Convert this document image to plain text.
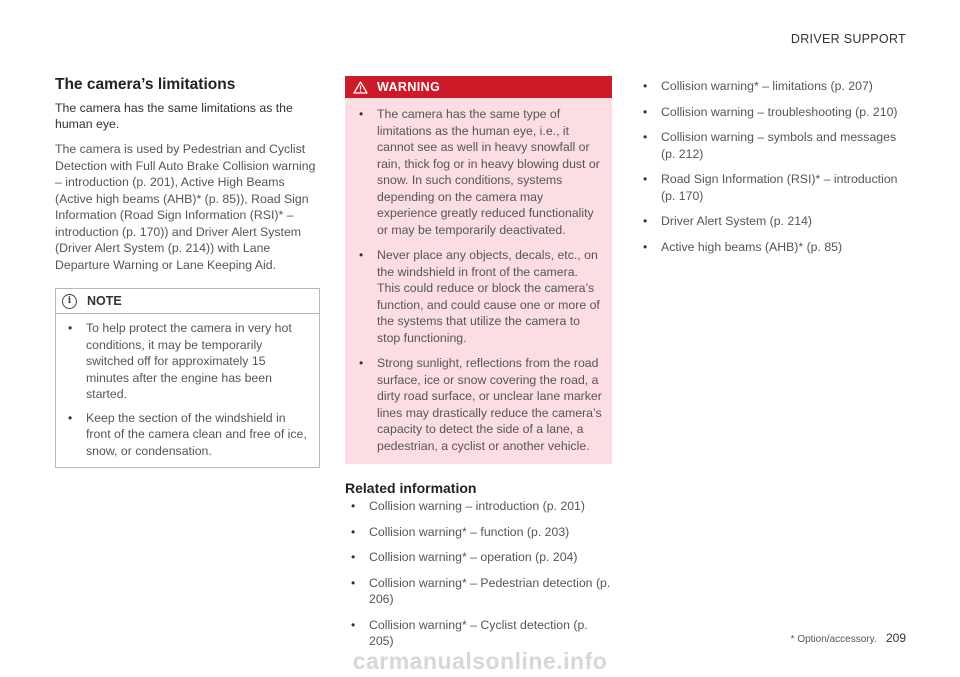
DRIVER SUPPORT
The camera’s limitations

The camera has the same limitations as the human eye.

The camera is used by Pedestrian and Cyclist Detection with Full Auto Brake Collision warning – introduction (p. 201), Active High Beams (Active high beams (AHB)* (p. 85)), Road Sign Information (Road Sign Information (RSI)* – introduction (p. 170)) and Driver Alert System (Driver Alert System (p. 214)) with Lane Departure Warning or Lane Keeping Aid.

i	NOTE
• To help protect the camera in very hot conditions, it may be temporarily switched off for approximately 15 minutes after the engine has been started.
• Keep the section of the windshield in front of the camera clean and free of ice, snow, or condensation.
WARNING
• The camera has the same type of limitations as the human eye, i.e., it cannot see as well in heavy snowfall or rain, thick fog or in heavy blowing dust or snow. In such conditions, systems depending on the camera may experience greatly reduced functionality or may be temporarily deactivated.
• Never place any objects, decals, etc., on the windshield in front of the camera. This could reduce or block the camera’s function, and could cause one or more of the systems that utilize the camera to stop functioning.
• Strong sunlight, reflections from the road surface, ice or snow covering the road, a dirty road surface, or unclear lane marker lines may drastically reduce the camera’s capacity to detect the side of a lane, a pedestrian, a cyclist or another vehicle.
Related information
• Collision warning – introduction (p. 201)
• Collision warning* – function (p. 203)
• Collision warning* – operation (p. 204)
• Collision warning* – Pedestrian detection (p. 206)
• Collision warning* – Cyclist detection (p. 205)
• Collision warning* – limitations (p. 207)
• Collision warning – troubleshooting (p. 210)
• Collision warning – symbols and messages (p. 212)
• Road Sign Information (RSI)* – introduction (p. 170)
• Driver Alert System (p. 214)
• Active high beams (AHB)* (p. 85)
* Option/accessory. 209
carmanualsonline.info
